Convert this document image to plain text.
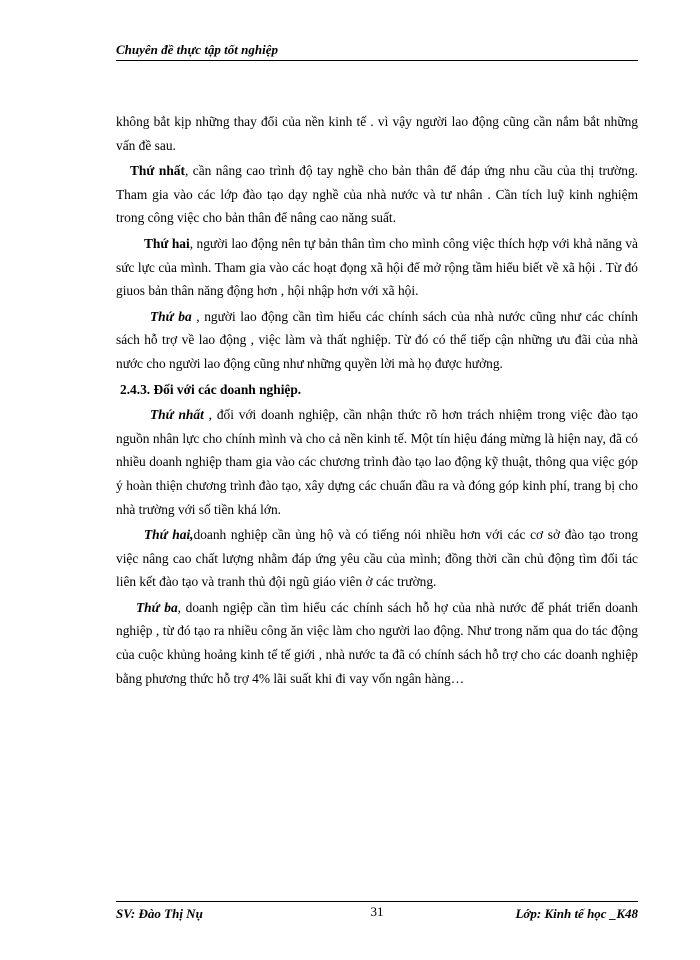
Chuyên đề thực tập tốt nghiệp

không bắt kịp những thay đổi của nền kinh tế . vì vậy người lao động cũng cần nắm bắt những vấn đề sau.

Thứ nhất, cần nâng cao trình độ tay nghề cho bản thân để đáp ứng nhu cầu của thị trường. Tham gia vào các lớp đào tạo dạy nghề của nhà nước và tư nhân . Cần tích luỹ kinh nghiệm trong công việc cho bản thân để nâng cao năng suất.

Thứ hai, người lao động nên tự bản thân tìm cho mình công việc thích hợp với khả năng và sức lực của mình. Tham gia vào các hoạt đọng xã hội để mở rộng tầm hiểu biết về xã hội . Từ đó giuos bản thân năng động hơn , hội nhập hơn với xã hội.

Thứ ba , người lao động cần tìm hiểu các chính sách của nhà nước cũng như các chính sách hỗ trợ về lao động , việc làm và thất nghiệp. Từ đó có thể tiếp cận những ưu đãi của nhà nước cho người lao động cũng như những quyền lời mà họ được hưởng.

2.4.3. Đối với các doanh nghiệp.

Thứ nhất , đối với doanh nghiệp, cần nhận thức rõ hơn trách nhiệm trong việc đào tạo nguồn nhân lực cho chính mình và cho cả nền kinh tế. Một tín hiệu đáng mừng là hiện nay, đã có nhiều doanh nghiệp tham gia vào các chương trình đào tạo lao động kỹ thuật, thông qua việc góp ý hoàn thiện chương trình đào tạo, xây dựng các chuẩn đầu ra và đóng góp kinh phí, trang bị cho nhà trường với số tiền khá lớn.

Thứ hai,doanh nghiệp cần ủng hộ và có tiếng nói nhiều hơn với các cơ sở đào tạo trong việc nâng cao chất lượng nhằm đáp ứng yêu cầu của mình; đồng thời cần chủ động tìm đối tác liên kết đào tạo và tranh thủ đội ngũ giáo viên ở các trường.

Thứ ba, doanh ngiệp cần tìm hiểu các chính sách hỗ hợ của nhà nước để phát triển doanh nghiệp , từ đó tạo ra nhiều công ăn việc làm cho người lao động. Như trong năm qua do tác động của cuộc khủng hoảng kinh tế tế giới , nhà nước ta đã có chính sách hỗ trợ cho các doanh nghiệp bằng phương thức hỗ trợ 4% lãi suất khi đi vay vốn ngân hàng…

SV: Đào Thị Nụ	31	Lớp: Kinh tế học _K48
